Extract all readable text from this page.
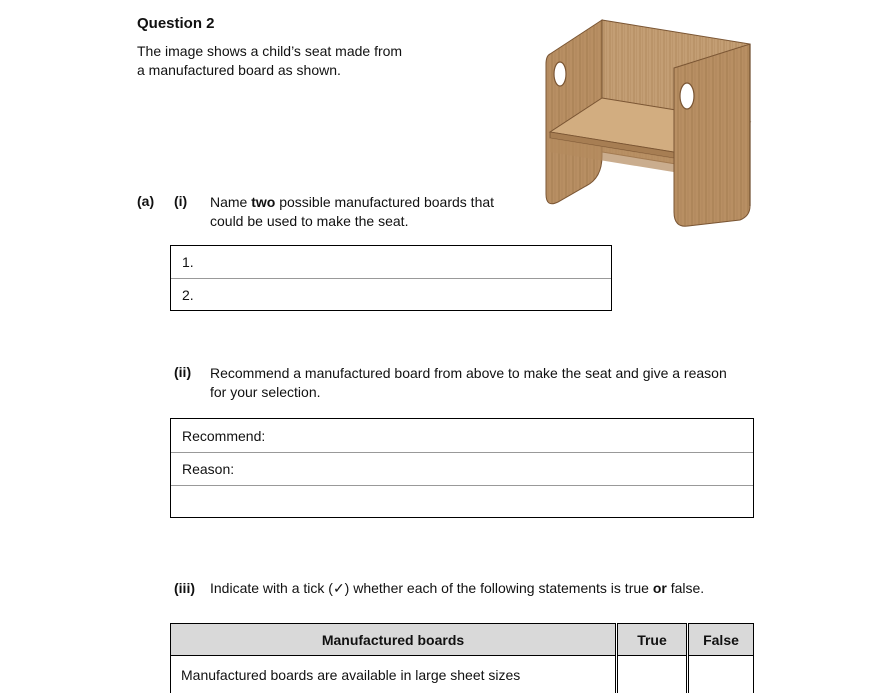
Question 2
The image shows a child’s seat made from
a manufactured board as shown.
(a) (i) Name two possible manufactured boards that
could be used to make the seat.
1.
2.
(ii) Recommend a manufactured board from above to make the seat and give a reason
for your selection.
Recommend:
Reason:
(iii) Indicate with a tick (✓) whether each of the following statements is true or false.
Manufactured boards	True	False
Manufactured boards are available in large sheet sizes
